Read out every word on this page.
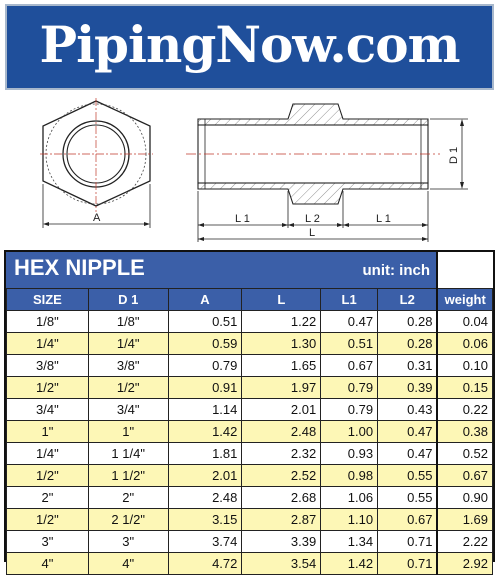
PipingNow.com
A
D 1
L 1	L 2	L 1
L
HEX NIPPLE	unit: inch
SIZE	D 1	A	L	L1	L2	weight
1/8"	1/8"	0.51	1.22	0.47	0.28	0.04
1/4"	1/4"	0.59	1.30	0.51	0.28	0.06
3/8"	3/8"	0.79	1.65	0.67	0.31	0.10
1/2"	1/2"	0.91	1.97	0.79	0.39	0.15
3/4"	3/4"	1.14	2.01	0.79	0.43	0.22
1"	1"	1.42	2.48	1.00	0.47	0.38
1/4"	1 1/4"	1.81	2.32	0.93	0.47	0.52
1/2"	1 1/2"	2.01	2.52	0.98	0.55	0.67
2"	2"	2.48	2.68	1.06	0.55	0.90
1/2"	2 1/2"	3.15	2.87	1.10	0.67	1.69
3"	3"	3.74	3.39	1.34	0.71	2.22
4"	4"	4.72	3.54	1.42	0.71	2.92
